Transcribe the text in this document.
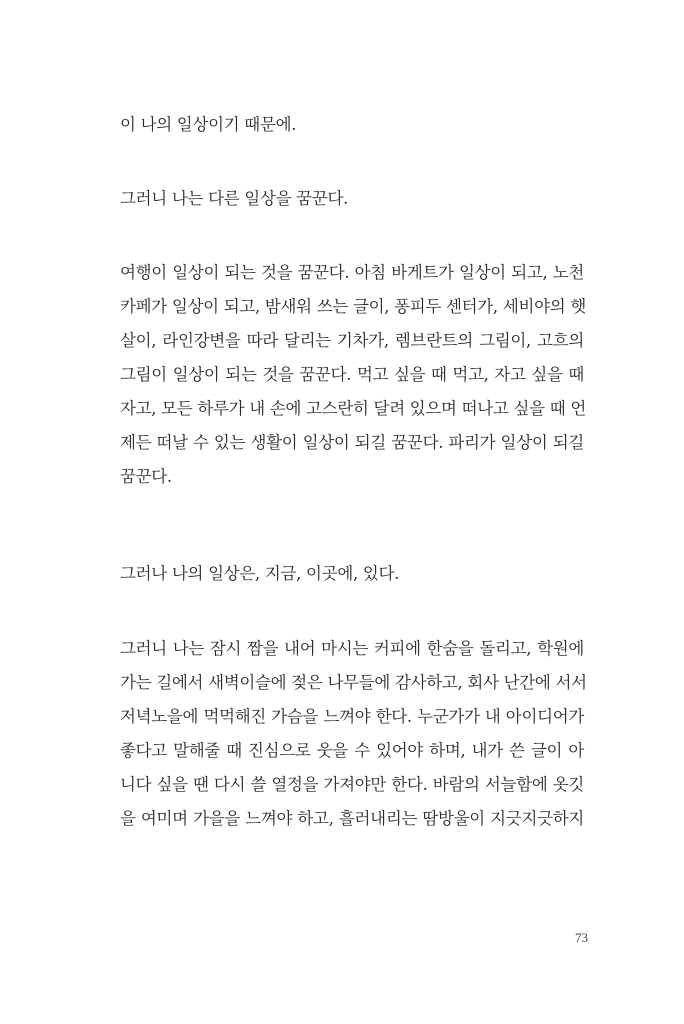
이 나의 일상이기 때문에.

그러니 나는 다른 일상을 꿈꾼다.

여행이 일상이 되는 것을 꿈꾼다. 아침 바게트가 일상이 되고, 노천
카페가 일상이 되고, 밤새워 쓰는 글이, 퐁피두 센터가, 세비야의 햇
살이, 라인강변을 따라 달리는 기차가, 렘브란트의 그림이, 고흐의
그림이 일상이 되는 것을 꿈꾼다. 먹고 싶을 때 먹고, 자고 싶을 때
자고, 모든 하루가 내 손에 고스란히 달려 있으며 떠나고 싶을 때 언
제든 떠날 수 있는 생활이 일상이 되길 꿈꾼다. 파리가 일상이 되길
꿈꾼다.

그러나 나의 일상은, 지금, 이곳에, 있다.

그러니 나는 잠시 짬을 내어 마시는 커피에 한숨을 돌리고, 학원에
가는 길에서 새벽이슬에 젖은 나무들에 감사하고, 회사 난간에 서서
저녁노을에 먹먹해진 가슴을 느껴야 한다. 누군가가 내 아이디어가
좋다고 말해줄 때 진심으로 웃을 수 있어야 하며, 내가 쓴 글이 아
니다 싶을 땐 다시 쓸 열정을 가져야만 한다. 바람의 서늘함에 옷깃
을 여미며 가을을 느껴야 하고, 흘러내리는 땀방울이 지긋지긋하지

73
